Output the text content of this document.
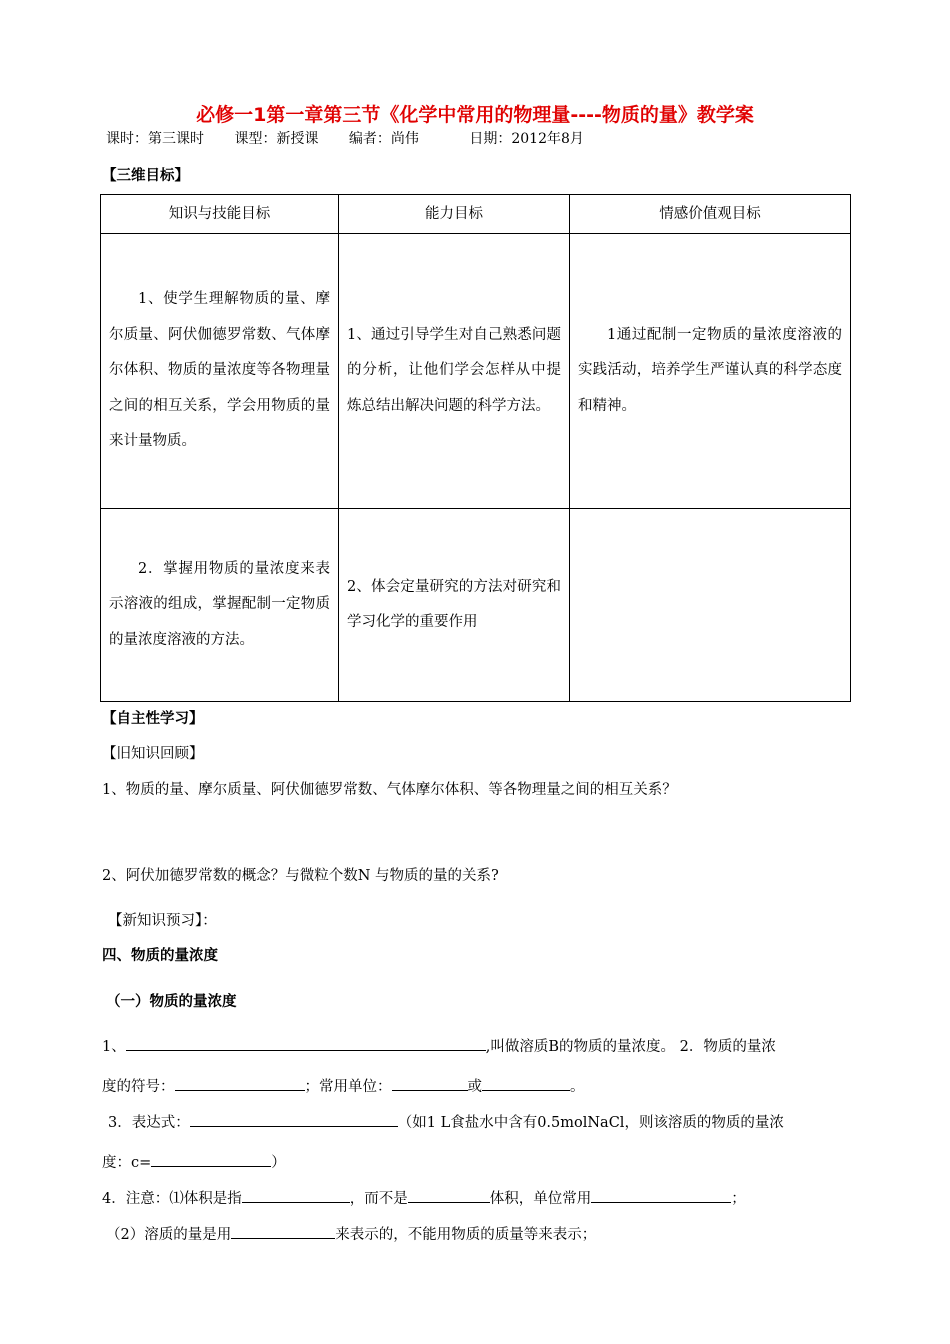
必修一1第一章第三节《化学中常用的物理量----物质的量》教学案
课时：第三课时 课型：新授课 编者：尚伟	日期：2012年8月
【三维目标】
知识与技能目标	能力目标	情感价值观目标
1、使学生理解物质的量、摩尔质量、阿伏伽德罗常数、气体摩尔体积、物质的量浓度等各物理量之间的相互关系，学会用物质的量来计量物质。	1、通过引导学生对自己熟悉问题的分析，让他们学会怎样从中提炼总结出解决问题的科学方法。	1通过配制一定物质的量浓度溶液的实践活动，培养学生严谨认真的科学态度和精神。
2．掌握用物质的量浓度来表示溶液的组成，掌握配制一定物质的量浓度溶液的方法。	2、体会定量研究的方法对研究和学习化学的重要作用	
【自主性学习】
【旧知识回顾】
1、物质的量、摩尔质量、阿伏伽德罗常数、气体摩尔体积、等各物理量之间的相互关系？
2、阿伏加德罗常数的概念？与微粒个数N 与物质的量的关系?
【新知识预习】：
四、物质的量浓度
（一）物质的量浓度
1、	,叫做溶质B的物质的量浓度。 2．物质的量浓
度的符号：	；常用单位：	或	。
3．表达式：	（如1 L食盐水中含有0.5molNaCl，则该溶质的物质的量浓
度：c=	）
4．注意：⑴体积是指	，而不是	体积，单位常用	；
（2）溶质的量是用	来表示的，不能用物质的质量等来表示；
